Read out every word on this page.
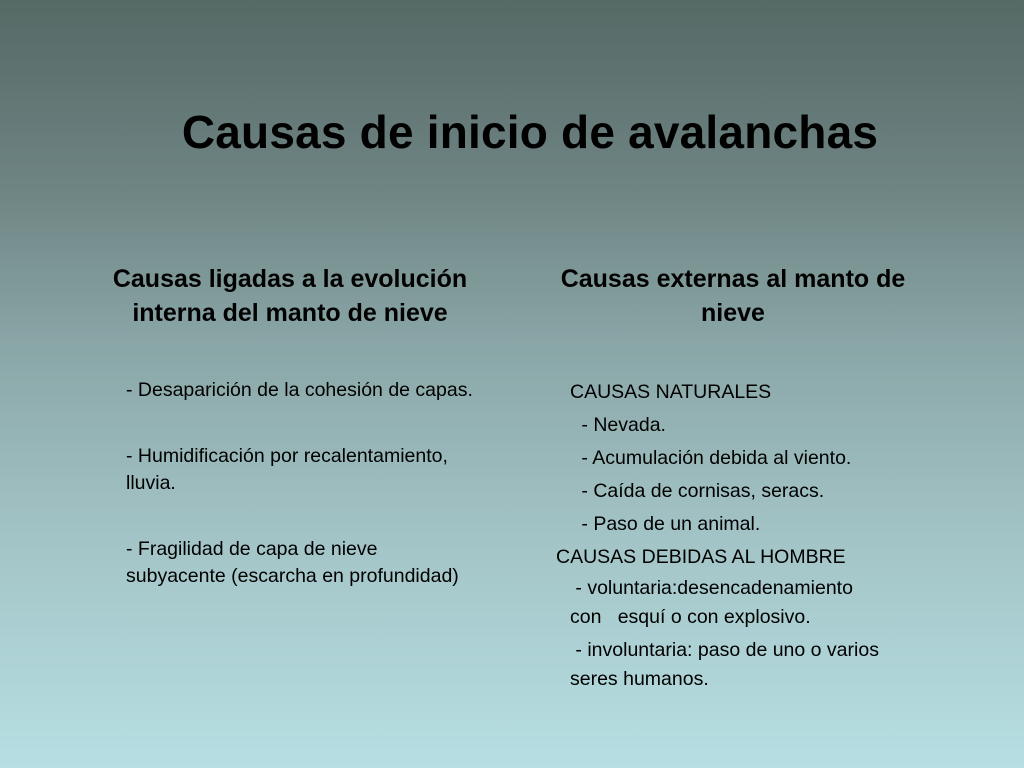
Causas de inicio de avalanchas
Causas ligadas a la evolución
interna del manto de nieve
Causas externas al manto de
nieve
- Desaparición de la cohesión de capas.
- Humidificación por recalentamiento, lluvia.
- Fragilidad de capa de nieve subyacente (escarcha en profundidad)
CAUSAS NATURALES
- Nevada.
- Acumulación debida al viento.
- Caída de cornisas, seracs.
- Paso de un animal.
CAUSAS DEBIDAS AL HOMBRE
- voluntaria:desencadenamiento
con   esquí o con explosivo.
- involuntaria: paso de uno o varios
seres humanos.
